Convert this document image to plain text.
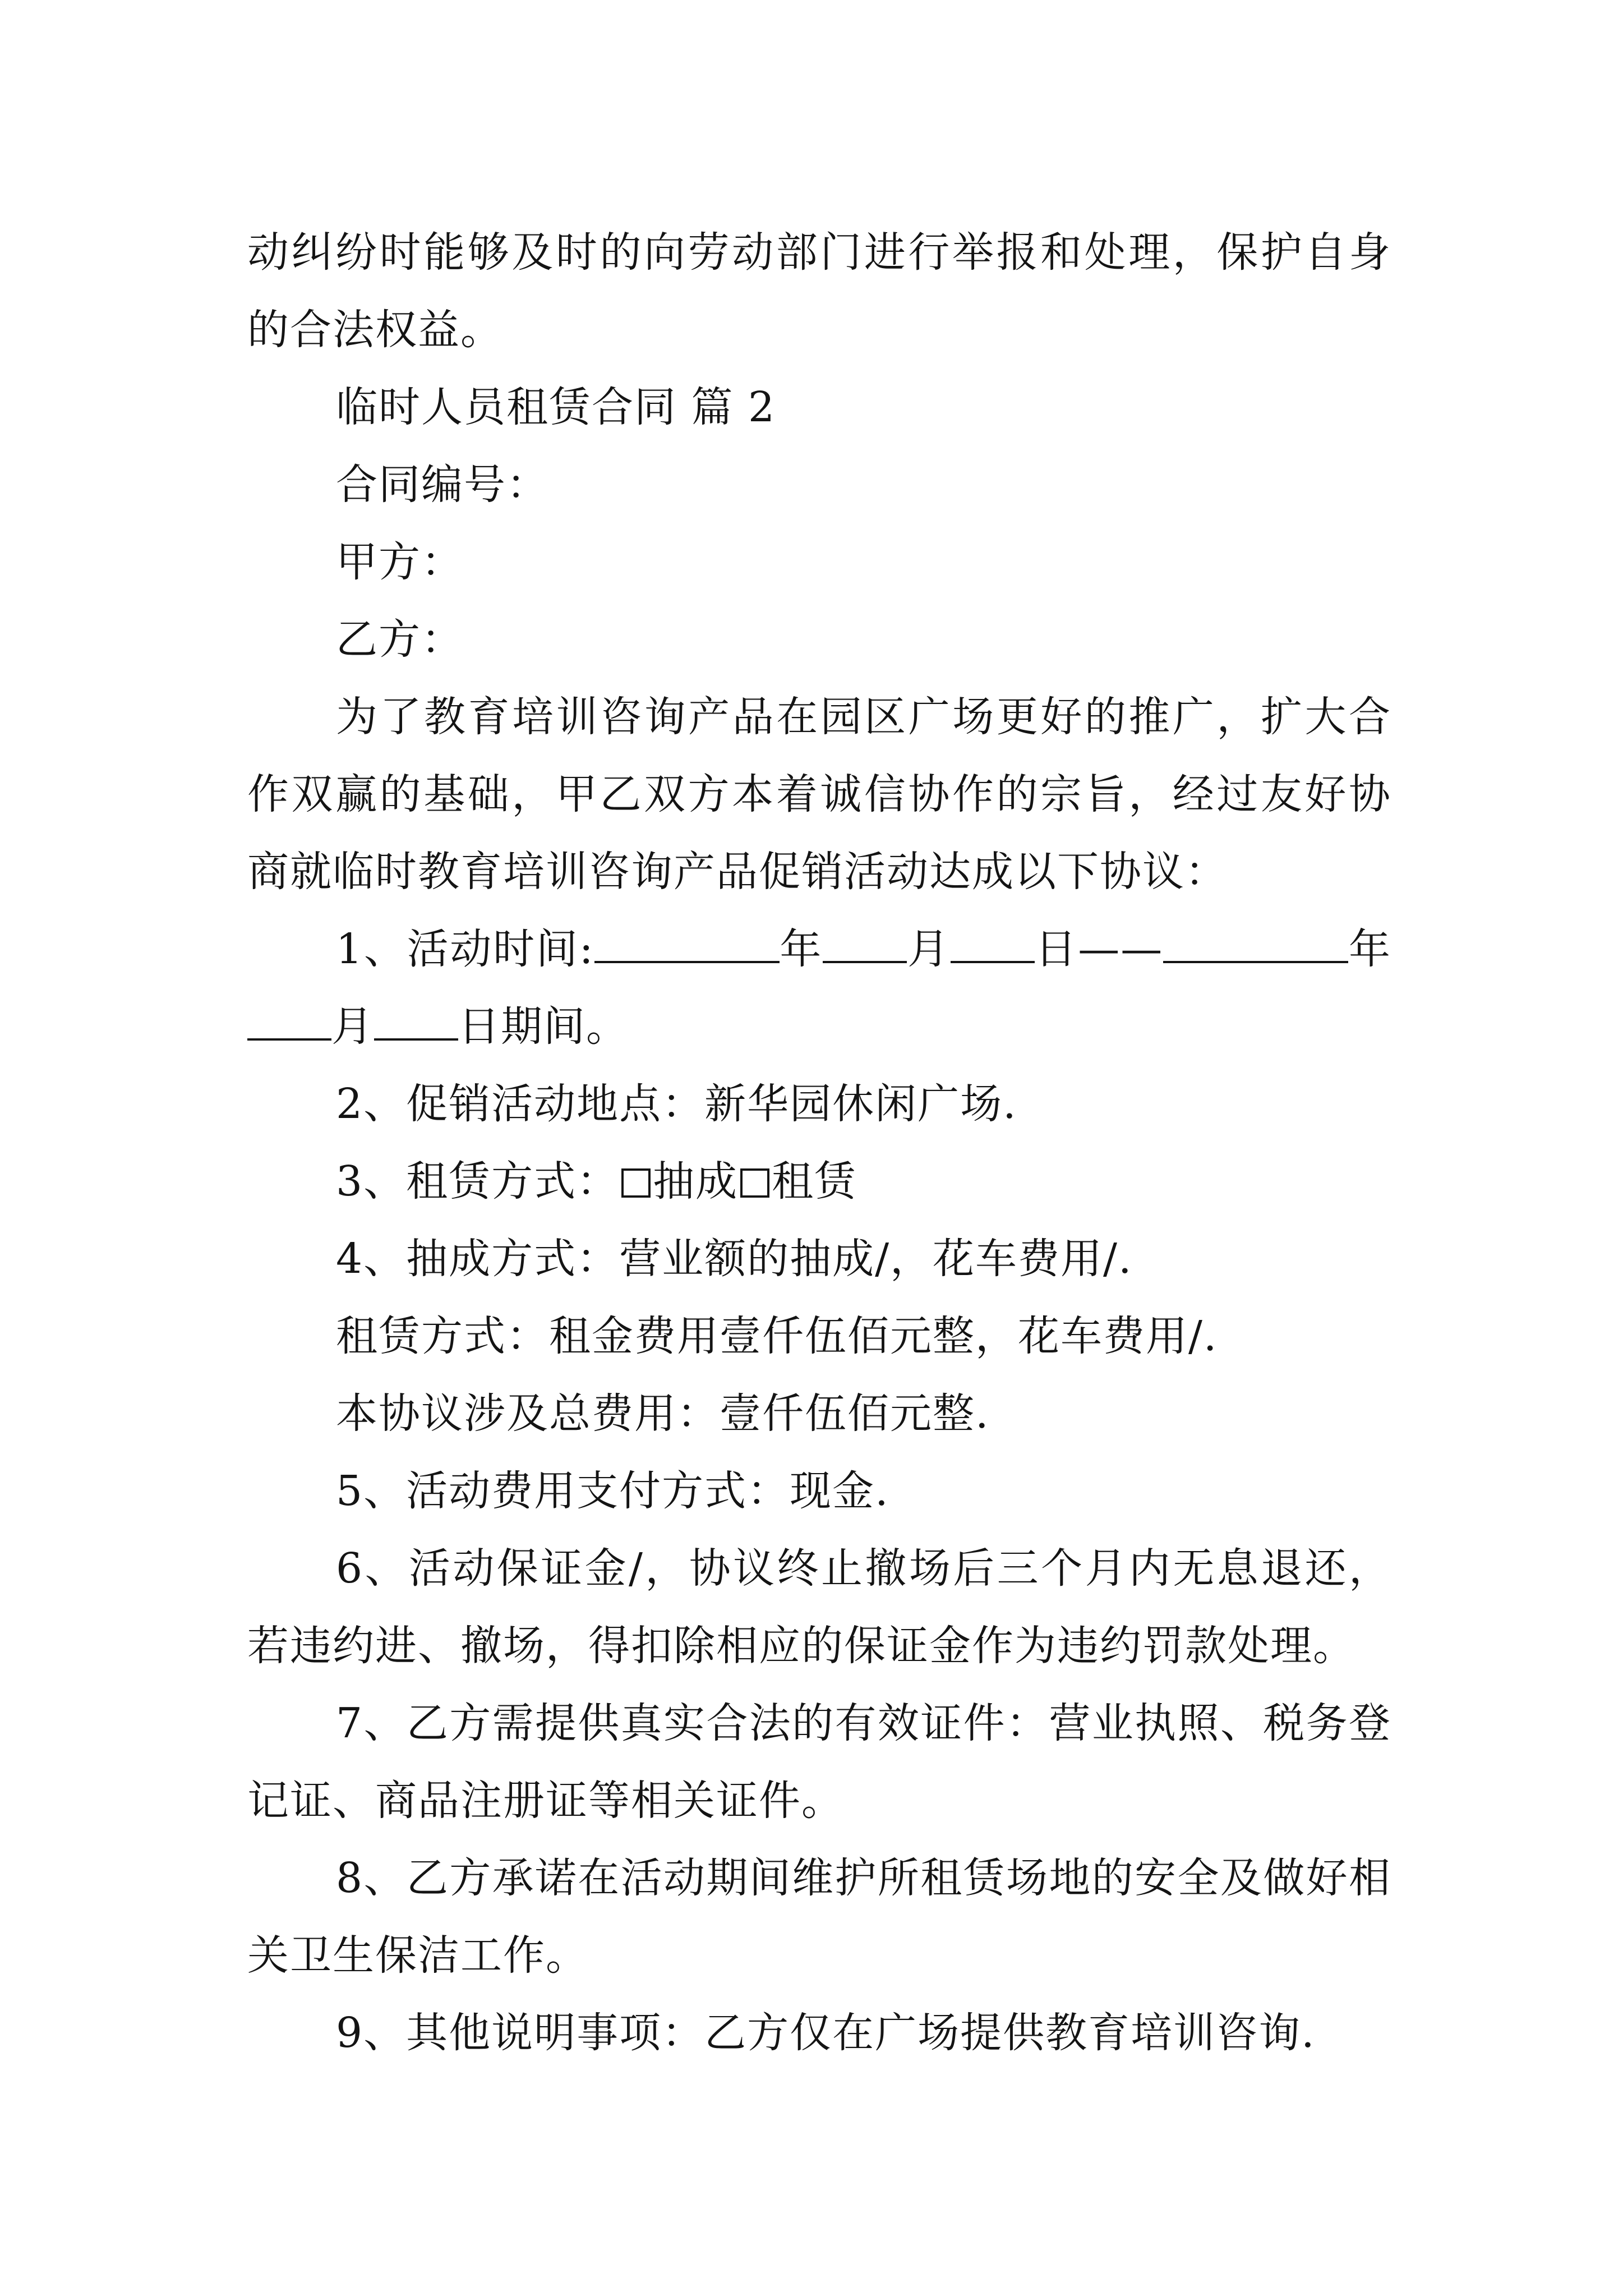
动纠纷时能够及时的向劳动部门进行举报和处理，保护自身的合法权益。

临时人员租赁合同 篇 2

合同编号：

甲方：

乙方：

为了教育培训咨询产品在园区广场更好的推广，扩大合作双赢的基础，甲乙双方本着诚信协作的宗旨，经过友好协商就临时教育培训咨询产品促销活动达成以下协议：

1、活动时间:	年 月 日——	年月 日期间。

2、促销活动地点：新华园休闲广场.

3、租赁方式： 抽成 租赁

4、抽成方式：营业额的抽成/，花车费用/.

租赁方式：租金费用壹仟伍佰元整，花车费用/.

本协议涉及总费用：壹仟伍佰元整.

5、活动费用支付方式：现金.

6、活动保证金/，协议终止撤场后三个月内无息退还，若违约进、撤场，得扣除相应的保证金作为违约罚款处理。

7、乙方需提供真实合法的有效证件：营业执照、税务登记证、商品注册证等相关证件。

8、乙方承诺在活动期间维护所租赁场地的安全及做好相关卫生保洁工作。

9、其他说明事项：乙方仅在广场提供教育培训咨询.
